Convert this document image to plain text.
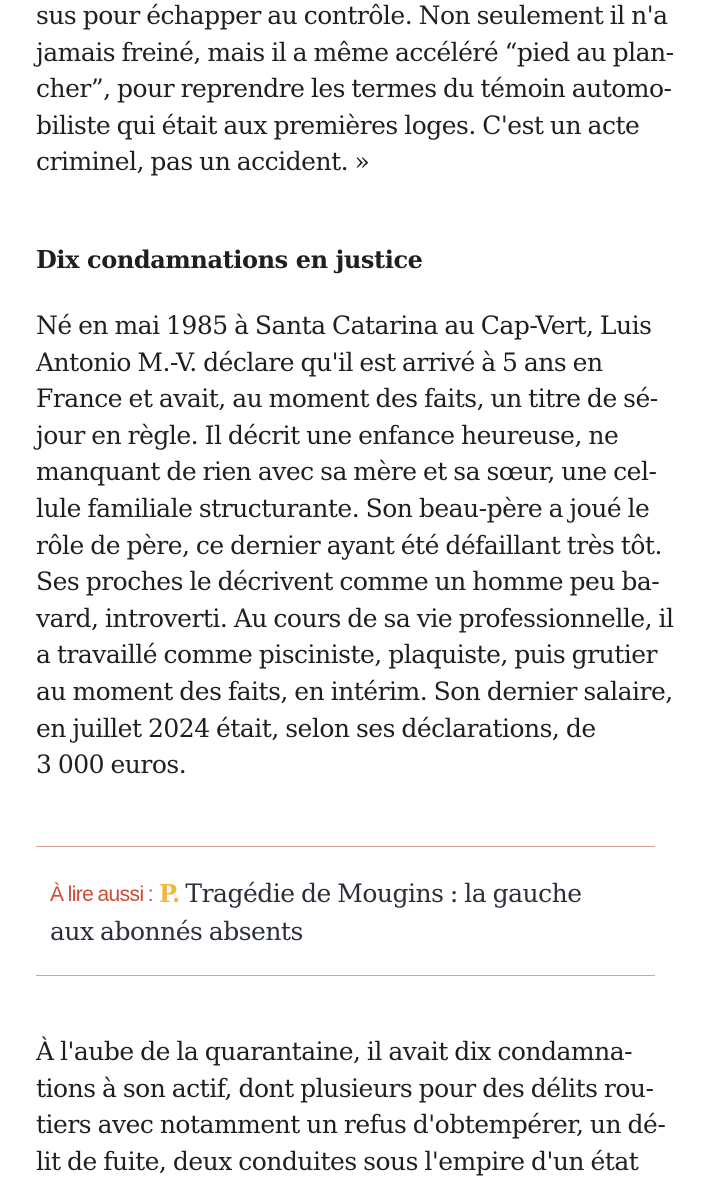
sus pour échapper au contrôle. Non seulement il n'a
jamais freiné, mais il a même accéléré “pied au plan-
cher”, pour reprendre les termes du témoin automo-
biliste qui était aux premières loges. C'est un acte
criminel, pas un accident. »

Dix condamnations en justice

Né en mai 1985 à Santa Catarina au Cap-Vert, Luis
Antonio M.-V. déclare qu'il est arrivé à 5 ans en
France et avait, au moment des faits, un titre de sé-
jour en règle. Il décrit une enfance heureuse, ne
manquant de rien avec sa mère et sa sœur, une cel-
lule familiale structurante. Son beau-père a joué le
rôle de père, ce dernier ayant été défaillant très tôt.
Ses proches le décrivent comme un homme peu ba-
vard, introverti. Au cours de sa vie professionnelle, il
a travaillé comme pisciniste, plaquiste, puis grutier
au moment des faits, en intérim. Son dernier salaire,
en juillet 2024 était, selon ses déclarations, de
3 000 euros.

À lire aussi : P. Tragédie de Mougins : la gauche
aux abonnés absents

À l'aube de la quarantaine, il avait dix condamna-
tions à son actif, dont plusieurs pour des délits rou-
tiers avec notamment un refus d'obtempérer, un dé-
lit de fuite, deux conduites sous l'empire d'un état
